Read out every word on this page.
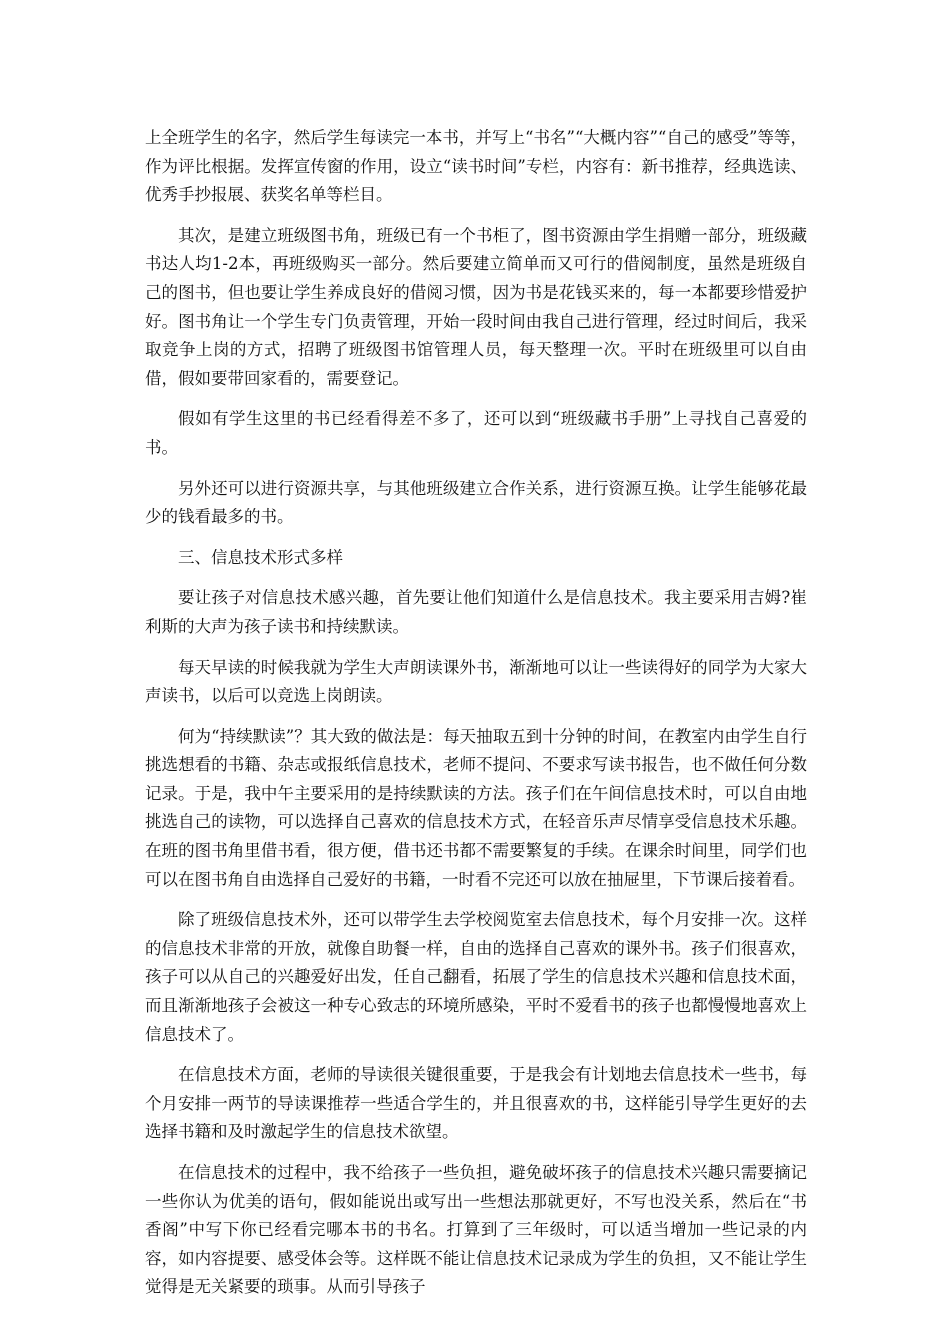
上全班学生的名字，然后学生每读完一本书，并写上“书名”“大概内容”“自己的感受”等等，作为评比根据。发挥宣传窗的作用，设立“读书时间”专栏，内容有：新书推荐，经典选读、优秀手抄报展、获奖名单等栏目。

其次，是建立班级图书角，班级已有一个书柜了，图书资源由学生捐赠一部分，班级藏书达人均1-2本，再班级购买一部分。然后要建立简单而又可行的借阅制度，虽然是班级自己的图书，但也要让学生养成良好的借阅习惯，因为书是花钱买来的，每一本都要珍惜爱护好。图书角让一个学生专门负责管理，开始一段时间由我自己进行管理，经过时间后，我采取竞争上岗的方式，招聘了班级图书馆管理人员，每天整理一次。平时在班级里可以自由借，假如要带回家看的，需要登记。

假如有学生这里的书已经看得差不多了，还可以到“班级藏书手册”上寻找自己喜爱的书。

另外还可以进行资源共享，与其他班级建立合作关系，进行资源互换。让学生能够花最少的钱看最多的书。

三、信息技术形式多样

要让孩子对信息技术感兴趣，首先要让他们知道什么是信息技术。我主要采用吉姆?崔利斯的大声为孩子读书和持续默读。

每天早读的时候我就为学生大声朗读课外书，渐渐地可以让一些读得好的同学为大家大声读书，以后可以竞选上岗朗读。

何为“持续默读”？其大致的做法是：每天抽取五到十分钟的时间，在教室内由学生自行挑选想看的书籍、杂志或报纸信息技术，老师不提问、不要求写读书报告，也不做任何分数记录。于是，我中午主要采用的是持续默读的方法。孩子们在午间信息技术时，可以自由地挑选自己的读物，可以选择自己喜欢的信息技术方式，在轻音乐声尽情享受信息技术乐趣。在班的图书角里借书看，很方便，借书还书都不需要繁复的手续。在课余时间里，同学们也可以在图书角自由选择自己爱好的书籍，一时看不完还可以放在抽屉里，下节课后接着看。

除了班级信息技术外，还可以带学生去学校阅览室去信息技术，每个月安排一次。这样的信息技术非常的开放，就像自助餐一样，自由的选择自己喜欢的课外书。孩子们很喜欢，孩子可以从自己的兴趣爱好出发，任自己翻看，拓展了学生的信息技术兴趣和信息技术面，而且渐渐地孩子会被这一种专心致志的环境所感染，平时不爱看书的孩子也都慢慢地喜欢上信息技术了。

在信息技术方面，老师的导读很关键很重要，于是我会有计划地去信息技术一些书，每个月安排一两节的导读课推荐一些适合学生的，并且很喜欢的书，这样能引导学生更好的去选择书籍和及时激起学生的信息技术欲望。

在信息技术的过程中，我不给孩子一些负担，避免破坏孩子的信息技术兴趣只需要摘记一些你认为优美的语句，假如能说出或写出一些想法那就更好，不写也没关系，然后在“书香阁”中写下你已经看完哪本书的书名。打算到了三年级时，可以适当增加一些记录的内容，如内容提要、感受体会等。这样既不能让信息技术记录成为学生的负担，又不能让学生觉得是无关紧要的琐事。从而引导孩子
